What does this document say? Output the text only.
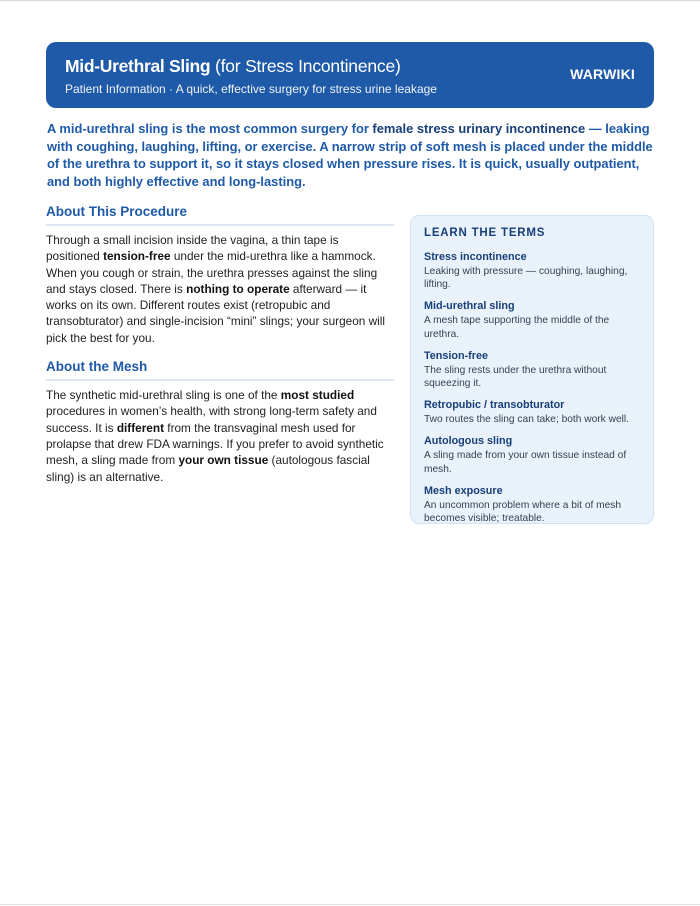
Mid-Urethral Sling (for Stress Incontinence)
Patient Information · A quick, effective surgery for stress urine leakage
WARWIKI

A mid-urethral sling is the most common surgery for female stress urinary incontinence — leaking with coughing, laughing, lifting, or exercise. A narrow strip of soft mesh is placed under the middle of the urethra to support it, so it stays closed when pressure rises. It is quick, usually outpatient, and both highly effective and long-lasting.

About This Procedure

Through a small incision inside the vagina, a thin tape is positioned tension-free under the mid-urethra like a hammock. When you cough or strain, the urethra presses against the sling and stays closed. There is nothing to operate afterward — it works on its own. Different routes exist (retropubic and transobturator) and single-incision “mini” slings; your surgeon will pick the best for you.

About the Mesh

The synthetic mid-urethral sling is one of the most studied procedures in women’s health, with strong long-term safety and success. It is different from the transvaginal mesh used for prolapse that drew FDA warnings. If you prefer to avoid synthetic mesh, a sling made from your own tissue (autologous fascial sling) is an alternative.

LEARN THE TERMS
Stress incontinence
Leaking with pressure — coughing, laughing, lifting.
Mid-urethral sling
A mesh tape supporting the middle of the urethra.
Tension-free
The sling rests under the urethra without squeezing it.
Retropubic / transobturator
Two routes the sling can take; both work well.
Autologous sling
A sling made from your own tissue instead of mesh.
Mesh exposure
An uncommon problem where a bit of mesh becomes visible; treatable.
